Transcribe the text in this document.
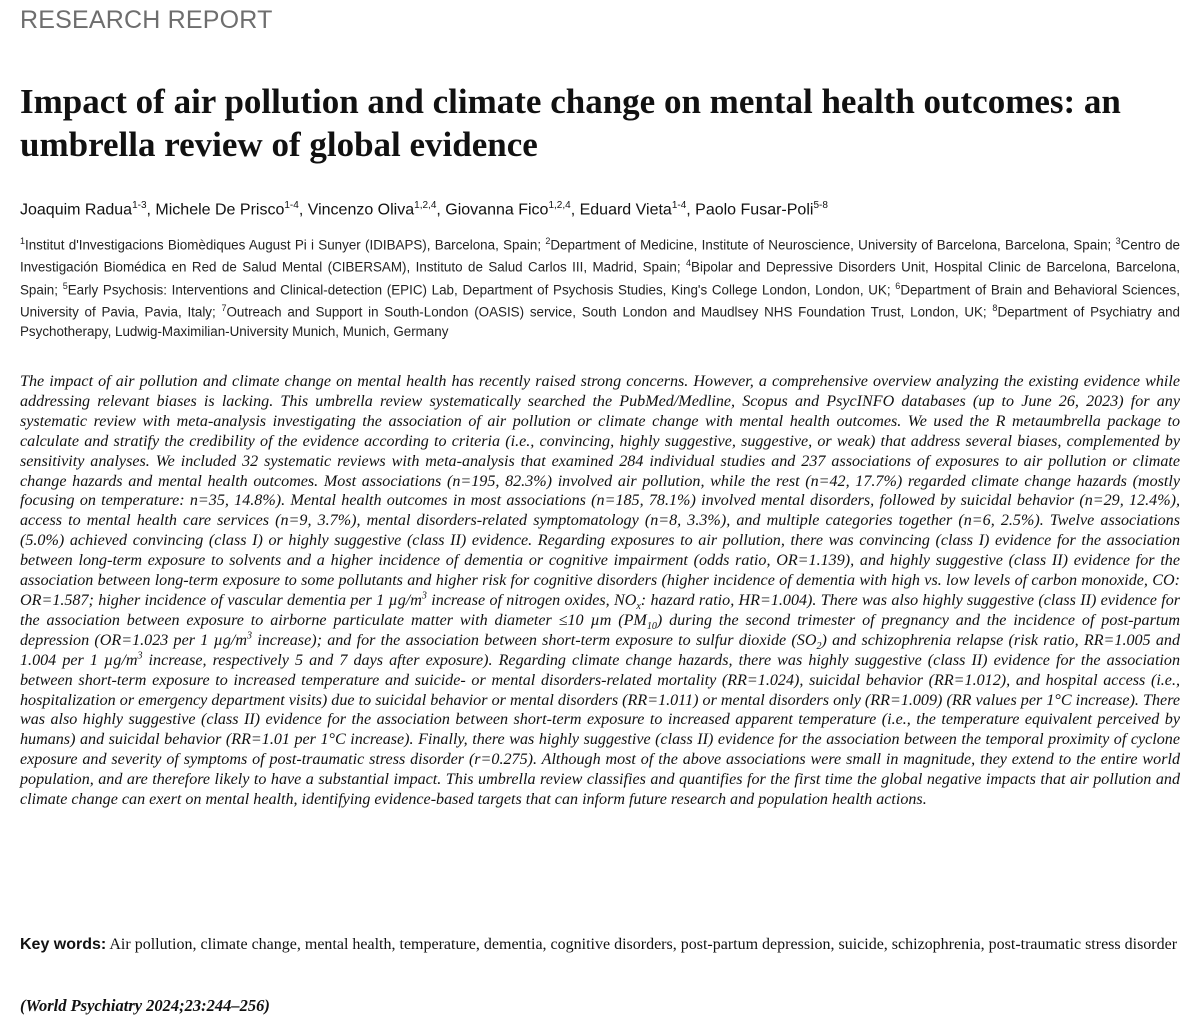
RESEARCH REPORT
Impact of air pollution and climate change on mental health outcomes: an umbrella review of global evidence
Joaquim Radua$^{1-3}$, Michele De Prisco$^{1-4}$, Vincenzo Oliva$^{1,2,4}$, Giovanna Fico$^{1,2,4}$, Eduard Vieta$^{1-4}$, Paolo Fusar-Poli$^{5-8}$
$^1$Institut d'Investigacions Biomèdiques August Pi i Sunyer (IDIBAPS), Barcelona, Spain; $^2$Department of Medicine, Institute of Neuroscience, University of Barcelona, Barcelona, Spain; $^3$Centro de Investigación Biomédica en Red de Salud Mental (CIBERSAM), Instituto de Salud Carlos III, Madrid, Spain; $^4$Bipolar and Depressive Disorders Unit, Hospital Clinic de Barcelona, Barcelona, Spain; $^5$Early Psychosis: Interventions and Clinical-detection (EPIC) Lab, Department of Psychosis Studies, King's College London, London, UK; $^6$Department of Brain and Behavioral Sciences, University of Pavia, Pavia, Italy; $^7$Outreach and Support in South-London (OASIS) service, South London and Maudlsey NHS Foundation Trust, London, UK; $^8$Department of Psychiatry and Psychotherapy, Ludwig-Maximilian-University Munich, Munich, Germany

The impact of air pollution and climate change on mental health has recently raised strong concerns. However, a comprehensive overview analyzing the existing evidence while addressing relevant biases is lacking. This umbrella review systematically searched the PubMed/Medline, Scopus and PsycINFO databases (up to June 26, 2023) for any systematic review with meta-analysis investigating the association of air pollution or climate change with mental health outcomes. We used the R metaumbrella package to calculate and stratify the credibility of the evidence according to criteria (i.e., convincing, highly suggestive, suggestive, or weak) that address several biases, complemented by sensitivity analyses. We included 32 systematic reviews with meta-analysis that examined 284 individual studies and 237 associations of exposures to air pollution or climate change hazards and mental health outcomes. Most associations (n=195, 82.3%) involved air pollution, while the rest (n=42, 17.7%) regarded climate change hazards (mostly focusing on temperature: n=35, 14.8%). Mental health outcomes in most associations (n=185, 78.1%) involved mental disorders, followed by suicidal behavior (n=29, 12.4%), access to mental health care services (n=9, 3.7%), mental disorders-related symptomatology (n=8, 3.3%), and multiple categories together (n=6, 2.5%). Twelve associations (5.0%) achieved convincing (class I) or highly suggestive (class II) evidence. Regarding exposures to air pollution, there was convincing (class I) evidence for the association between long-term exposure to solvents and a higher incidence of dementia or cognitive impairment (odds ratio, OR=1.139), and highly suggestive (class II) evidence for the association between long-term exposure to some pollutants and higher risk for cognitive disorders (higher incidence of dementia with high vs. low levels of carbon monoxide, CO: OR=1.587; higher incidence of vascular dementia per 1 $\mu g/m^3$ increase of nitrogen oxides, $NO_x$: hazard ratio, HR=1.004). There was also highly suggestive (class II) evidence for the association between exposure to airborne particulate matter with diameter ≤10 µm $(PM_{10})$ during the second trimester of pregnancy and the incidence of post-partum depression (OR=1.023 per 1 $\mu g/m^3$ increase); and for the association between short-term exposure to sulfur dioxide $(SO_2)$ and schizophrenia relapse (risk ratio, RR=1.005 and 1.004 per 1 $\mu g/m^3$ increase, respectively 5 and 7 days after exposure). Regarding climate change hazards, there was highly suggestive (class II) evidence for the association between short-term exposure to increased temperature and suicide- or mental disorders-related mortality (RR=1.024), suicidal behavior (RR=1.012), and hospital access (i.e., hospitalization or emergency department visits) due to suicidal behavior or mental disorders (RR=1.011) or mental disorders only (RR=1.009) (RR values per 1°C increase). There was also highly suggestive (class II) evidence for the association between short-term exposure to increased apparent temperature (i.e., the temperature equivalent perceived by humans) and suicidal behavior (RR=1.01 per 1°C increase). Finally, there was highly suggestive (class II) evidence for the association between the temporal proximity of cyclone exposure and severity of symptoms of post-traumatic stress disorder (r=0.275). Although most of the above associations were small in magnitude, they extend to the entire world population, and are therefore likely to have a substantial impact. This umbrella review classifies and quantifies for the first time the global negative impacts that air pollution and climate change can exert on mental health, identifying evidence-based targets that can inform future research and population health actions.

Key words: Air pollution, climate change, mental health, temperature, dementia, cognitive disorders, post-partum depression, suicide, schizophrenia, post-traumatic stress disorder
(World Psychiatry 2024;23:244–256)
